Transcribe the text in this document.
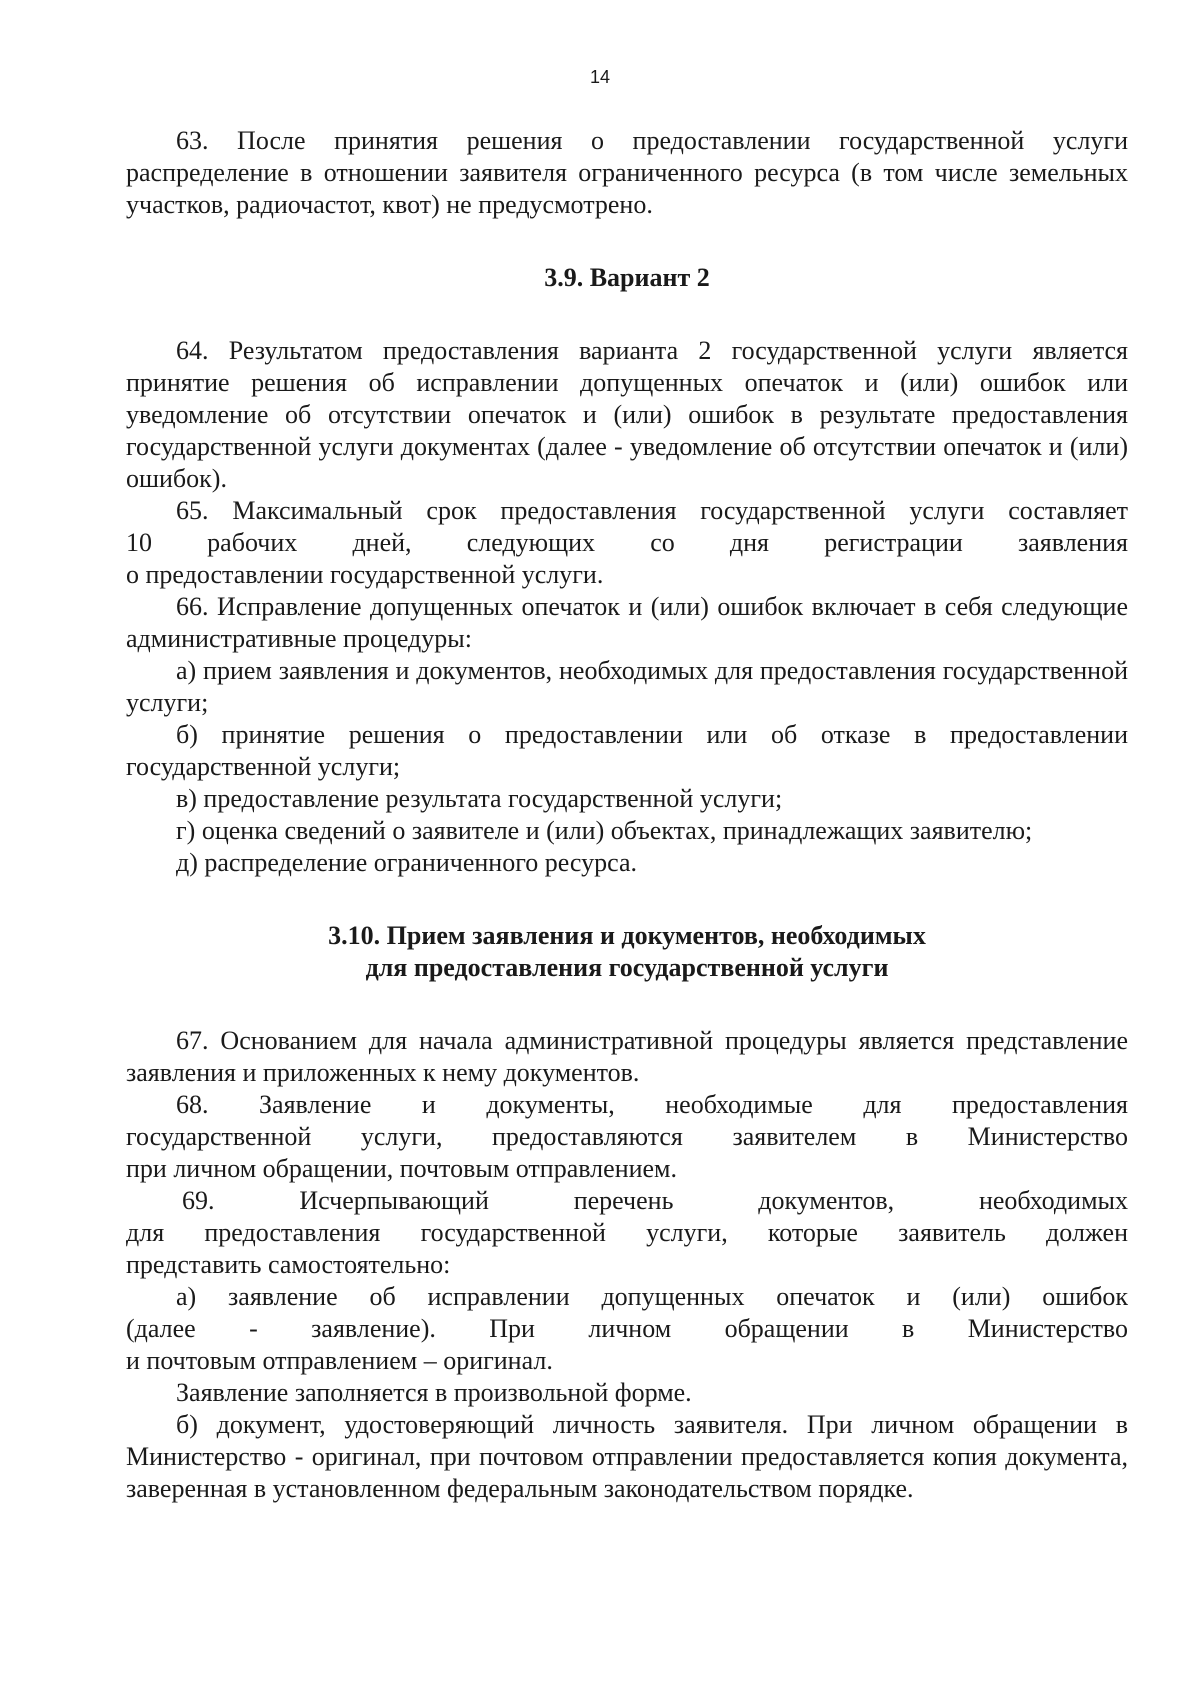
14

63. После принятия решения о предоставлении государственной услуги распределение в отношении заявителя ограниченного ресурса (в том числе земельных участков, радиочастот, квот) не предусмотрено.

3.9. Вариант 2

64. Результатом предоставления варианта 2 государственной услуги является принятие решения об исправлении допущенных опечаток и (или) ошибок или уведомление об отсутствии опечаток и (или) ошибок в результате предоставления государственной услуги документах (далее - уведомление об отсутствии опечаток и (или) ошибок).

65. Максимальный срок предоставления государственной услуги составляет

10 рабочих дней, следующих со дня регистрации заявления

о предоставлении государственной услуги.

66. Исправление допущенных опечаток и (или) ошибок включает в себя следующие административные процедуры:

а) прием заявления и документов, необходимых для предоставления государственной услуги;

б) принятие решения о предоставлении или об отказе в предоставлении государственной услуги;

в) предоставление результата государственной услуги;

г) оценка сведений о заявителе и (или) объектах, принадлежащих заявителю;

д) распределение ограниченного ресурса.

3.10. Прием заявления и документов, необходимых

для предоставления государственной услуги

67. Основанием для начала административной процедуры является представление заявления и приложенных к нему документов.

68. Заявление и документы, необходимые для предоставления

государственной услуги, предоставляются заявителем в Министерство

при личном обращении, почтовым отправлением.

69. Исчерпывающий перечень документов, необходимых

для предоставления государственной услуги, которые заявитель должен

представить самостоятельно:

а) заявление об исправлении допущенных опечаток и (или) ошибок

(далее - заявление). При личном обращении в Министерство

и почтовым отправлением – оригинал.

Заявление заполняется в произвольной форме.

б) документ, удостоверяющий личность заявителя. При личном обращении в Министерство - оригинал, при почтовом отправлении предоставляется копия документа, заверенная в установленном федеральным законодательством порядке.
